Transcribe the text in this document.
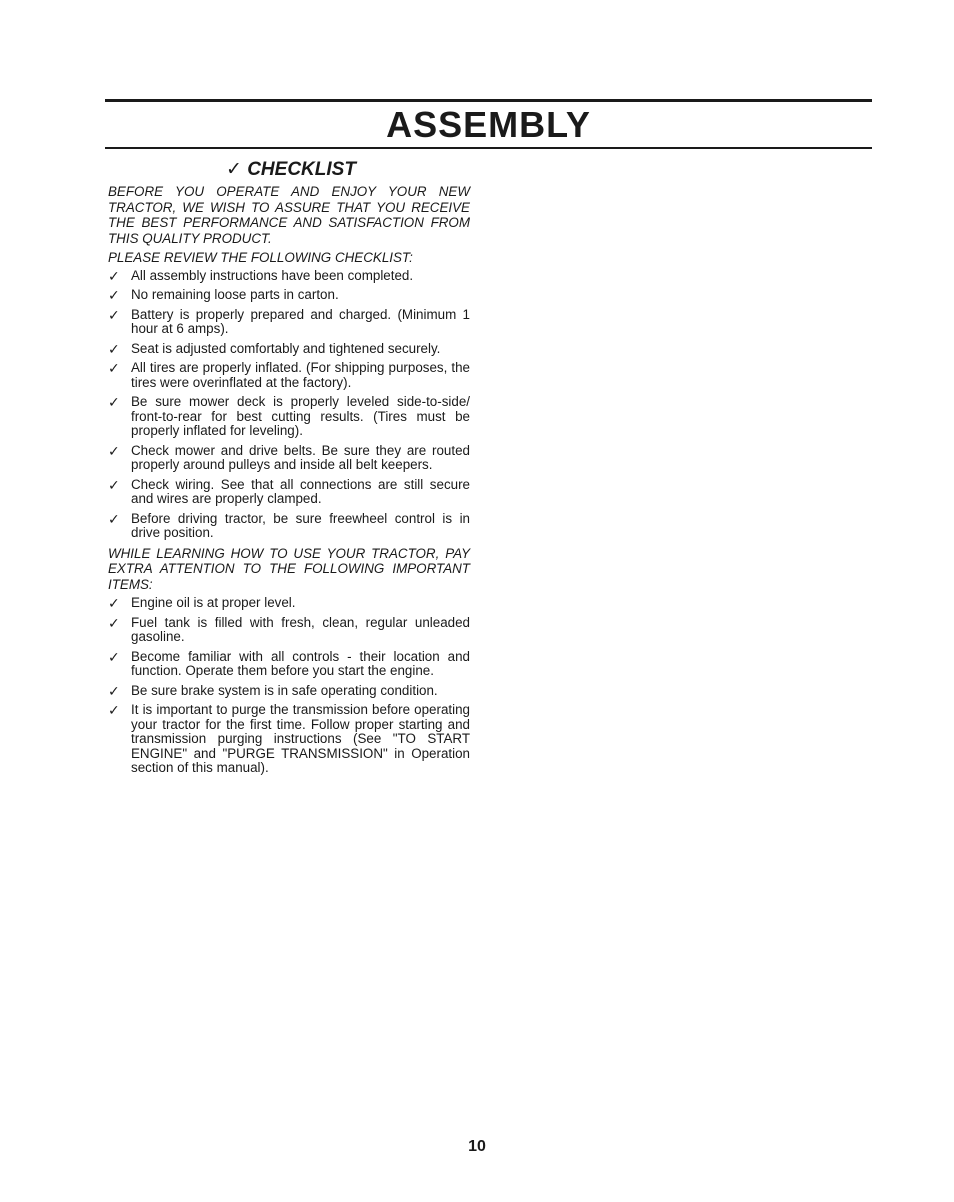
ASSEMBLY
✓ CHECKLIST

BEFORE YOU OPERATE AND ENJOY YOUR NEW TRACTOR, WE WISH TO ASSURE THAT YOU RECEIVE THE BEST PERFORMANCE AND SATISFACTION FROM THIS QUALITY PRODUCT.

PLEASE REVIEW THE FOLLOWING CHECKLIST:

✓ All assembly instructions have been completed.
✓ No remaining loose parts in carton.
✓ Battery is properly prepared and charged. (Minimum 1 hour at 6 amps).
✓ Seat is adjusted comfortably and tightened securely.
✓ All tires are properly inflated. (For shipping purposes, the tires were overinflated at the factory).
✓ Be sure mower deck is properly leveled side-to-side/ front-to-rear for best cutting results. (Tires must be properly inflated for leveling).
✓ Check mower and drive belts. Be sure they are routed properly around pulleys and inside all belt keepers.
✓ Check wiring. See that all connections are still secure and wires are properly clamped.
✓ Before driving tractor, be sure freewheel control is in drive position.

WHILE LEARNING HOW TO USE YOUR TRACTOR, PAY EXTRA ATTENTION TO THE FOLLOWING IMPORTANT ITEMS:

✓ Engine oil is at proper level.
✓ Fuel tank is filled with fresh, clean, regular unleaded gasoline.
✓ Become familiar with all controls - their location and function. Operate them before you start the engine.
✓ Be sure brake system is in safe operating condition.
✓ It is important to purge the transmission before operating your tractor for the first time. Follow proper starting and transmission purging instructions (See "TO START ENGINE" and "PURGE TRANSMISSION" in Operation section of this manual).
10
